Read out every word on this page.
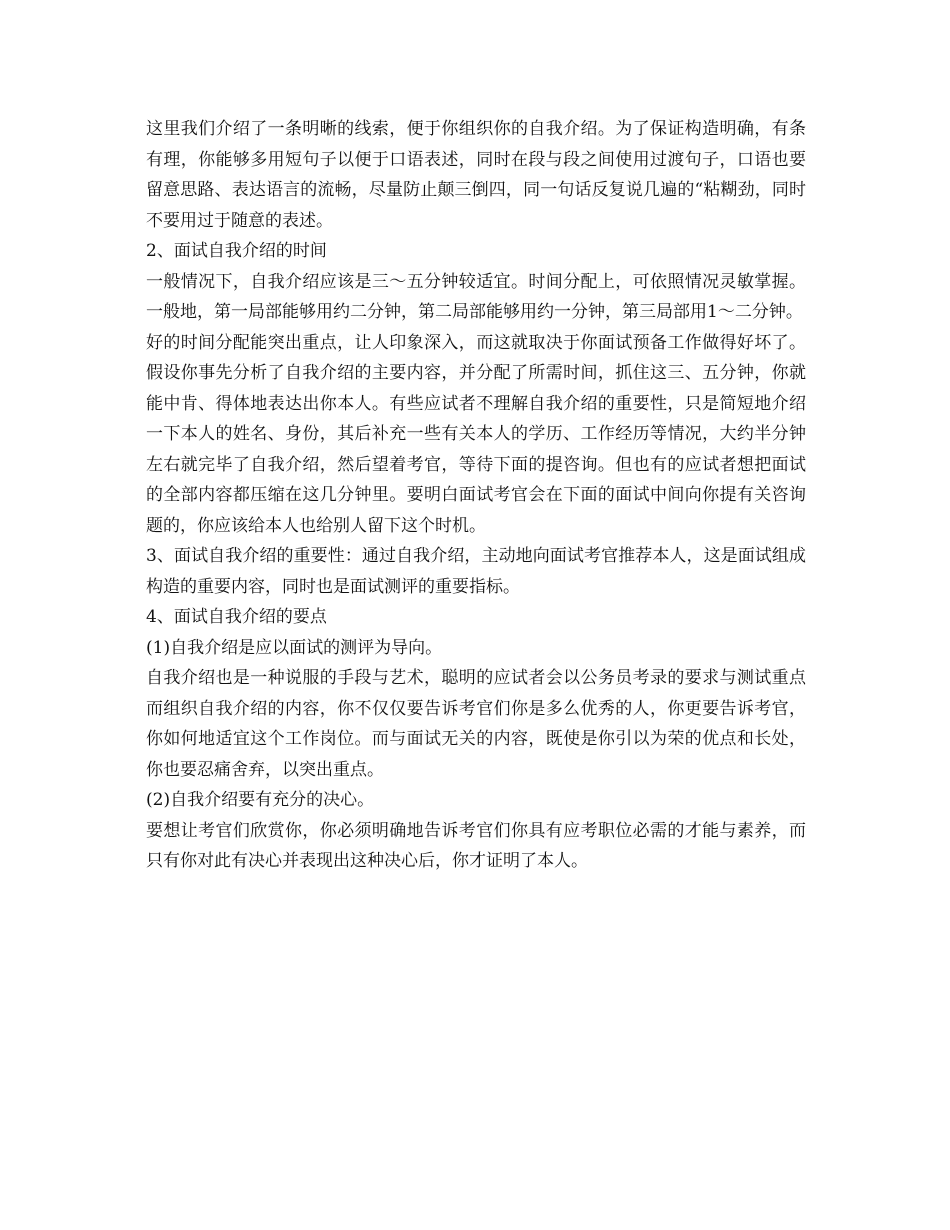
这里我们介绍了一条明晰的线索，便于你组织你的自我介绍。为了保证构造明确，有条有理，你能够多用短句子以便于口语表述，同时在段与段之间使用过渡句子，口语也要留意思路、表达语言的流畅，尽量防止颠三倒四，同一句话反复说几遍的“粘糊劲，同时不要用过于随意的表述。

2、面试自我介绍的时间

一般情况下，自我介绍应该是三～五分钟较适宜。时间分配上，可依照情况灵敏掌握。一般地，第一局部能够用约二分钟，第二局部能够用约一分钟，第三局部用1～二分钟。

好的时间分配能突出重点，让人印象深入，而这就取决于你面试预备工作做得好坏了。假设你事先分析了自我介绍的主要内容，并分配了所需时间，抓住这三、五分钟，你就能中肯、得体地表达出你本人。有些应试者不理解自我介绍的重要性，只是简短地介绍一下本人的姓名、身份，其后补充一些有关本人的学历、工作经历等情况，大约半分钟左右就完毕了自我介绍，然后望着考官，等待下面的提咨询。但也有的应试者想把面试的全部内容都压缩在这几分钟里。要明白面试考官会在下面的面试中间向你提有关咨询题的，你应该给本人也给别人留下这个时机。

3、面试自我介绍的重要性：通过自我介绍，主动地向面试考官推荐本人，这是面试组成构造的重要内容，同时也是面试测评的重要指标。

4、面试自我介绍的要点

(1)自我介绍是应以面试的测评为导向。

自我介绍也是一种说服的手段与艺术，聪明的应试者会以公务员考录的要求与测试重点而组织自我介绍的内容，你不仅仅要告诉考官们你是多么优秀的人，你更要告诉考官，你如何地适宜这个工作岗位。而与面试无关的内容，既使是你引以为荣的优点和长处，你也要忍痛舍弃，以突出重点。

(2)自我介绍要有充分的决心。

要想让考官们欣赏你，你必须明确地告诉考官们你具有应考职位必需的才能与素养，而只有你对此有决心并表现出这种决心后，你才证明了本人。
